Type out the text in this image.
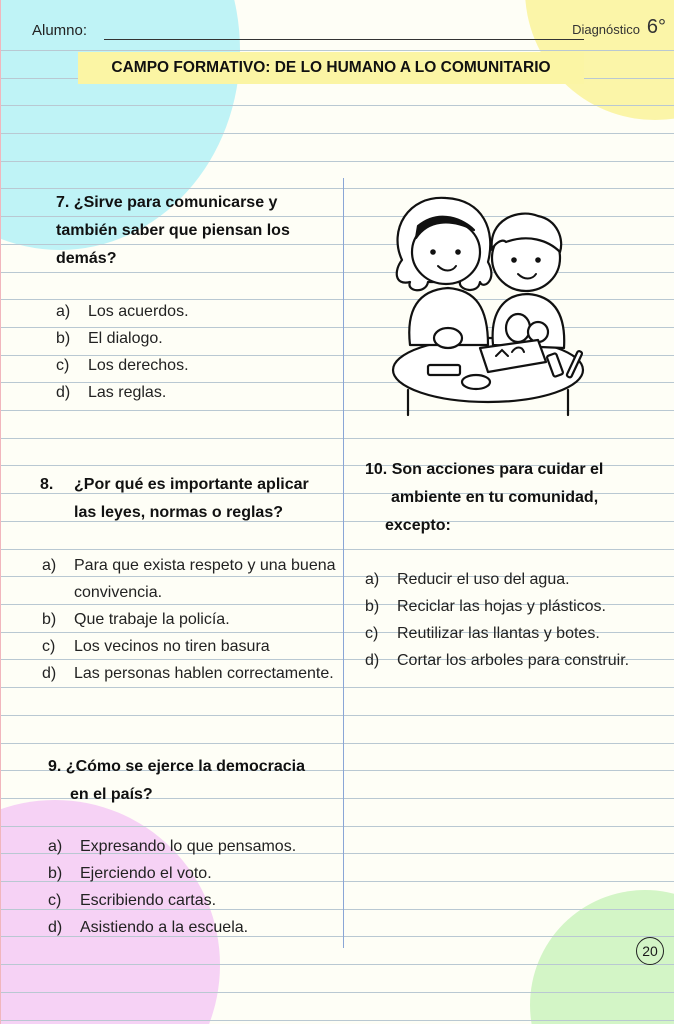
Alumno:	Diagnóstico 6°
CAMPO FORMATIVO: DE LO HUMANO A LO COMUNITARIO
7. ¿Sirve para comunicarse y
también saber que piensan los
demás?
a)	Los acuerdos.
b)	El dialogo.
c)	Los derechos.
d)	Las reglas.
8. ¿Por qué es importante aplicar
las leyes, normas o reglas?
a)	Para que exista respeto y una buena convivencia.
b)	Que trabaje la policía.
c)	Los vecinos no tiren basura
d)	Las personas hablen correctamente.
10. Son acciones para cuidar el
ambiente en tu comunidad,
excepto:
a)	Reducir el uso del agua.
b)	Reciclar las hojas y plásticos.
c)	Reutilizar las llantas y botes.
d)	Cortar los arboles para construir.
9. ¿Cómo se ejerce la democracia
en el país?
a)	Expresando lo que pensamos.
b)	Ejerciendo el voto.
c)	Escribiendo cartas.
d)	Asistiendo a la escuela.
20
